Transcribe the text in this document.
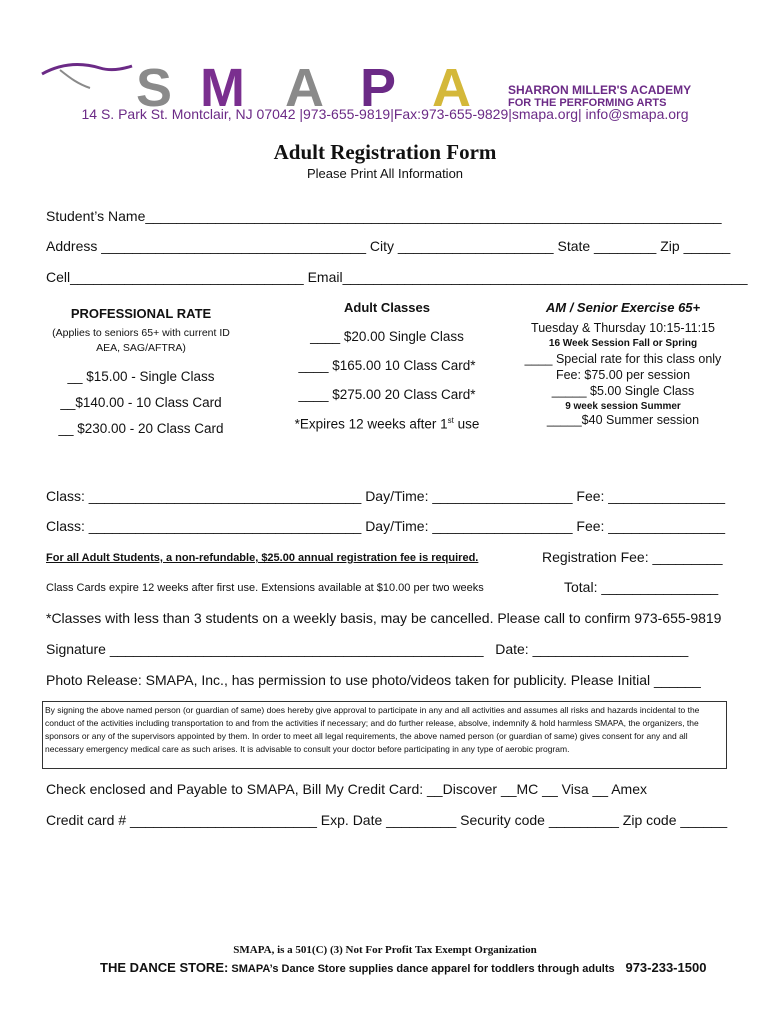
S M A P A	SHARRON MILLER'S ACADEMY
FOR THE PERFORMING ARTS
14 S. Park St. Montclair, NJ 07042 |973-655-9819|Fax:973-655-9829|smapa.org| info@smapa.org
Adult Registration Form
Please Print All Information
Student’s Name__________________________________________________________________________
Address __________________________________ City ____________________ State ________ Zip ______
Cell______________________________ Email____________________________________________________
PROFESSIONAL RATE
(Applies to seniors 65+ with current ID AEA, SAG/AFTRA)
__ $15.00 - Single Class
__$140.00 - 10 Class Card
__ $230.00 - 20 Class Card
Adult Classes
____ $20.00 Single Class
____ $165.00 10 Class Card*
____ $275.00 20 Class Card*
*Expires 12 weeks after 1st use
AM / Senior Exercise 65+
Tuesday & Thursday 10:15-11:15
16 Week Session Fall or Spring
____ Special rate for this class only
Fee: $75.00 per session
_____ $5.00 Single Class
9 week session Summer
_____$40 Summer session
Class: ___________________________________ Day/Time: __________________ Fee: _______________
Class: ___________________________________ Day/Time: __________________ Fee: _______________
For all Adult Students, a non-refundable, $25.00 annual registration fee is required.	Registration Fee: _________
Class Cards expire 12 weeks after first use. Extensions available at $10.00 per two weeks	Total: _______________
*Classes with less than 3 students on a weekly basis, may be cancelled. Please call to confirm 973-655-9819
Signature ________________________________________________   Date: ____________________
Photo Release: SMAPA, Inc., has permission to use photo/videos taken for publicity. Please Initial ______
By signing the above named person (or guardian of same) does hereby give approval to participate in any and all activities and assumes all risks and hazards incidental to the conduct of the activities including transportation to and from the activities if necessary; and do further release, absolve, indemnify & hold harmless SMAPA, the organizers, the sponsors or any of the supervisors appointed by them. In order to meet all legal requirements, the above named person (or guardian of same) gives consent for any and all necessary emergency medical care as such arises. It is advisable to consult your doctor before participating in any type of aerobic program.
Check enclosed and Payable to SMAPA, Bill My Credit Card: __Discover __MC __ Visa __ Amex
Credit card # ________________________ Exp. Date _________ Security code _________ Zip code ______
SMAPA, is a 501(C) (3) Not For Profit Tax Exempt Organization
THE DANCE STORE: SMAPA’s Dance Store supplies dance apparel for toddlers through adults 973-233-1500
